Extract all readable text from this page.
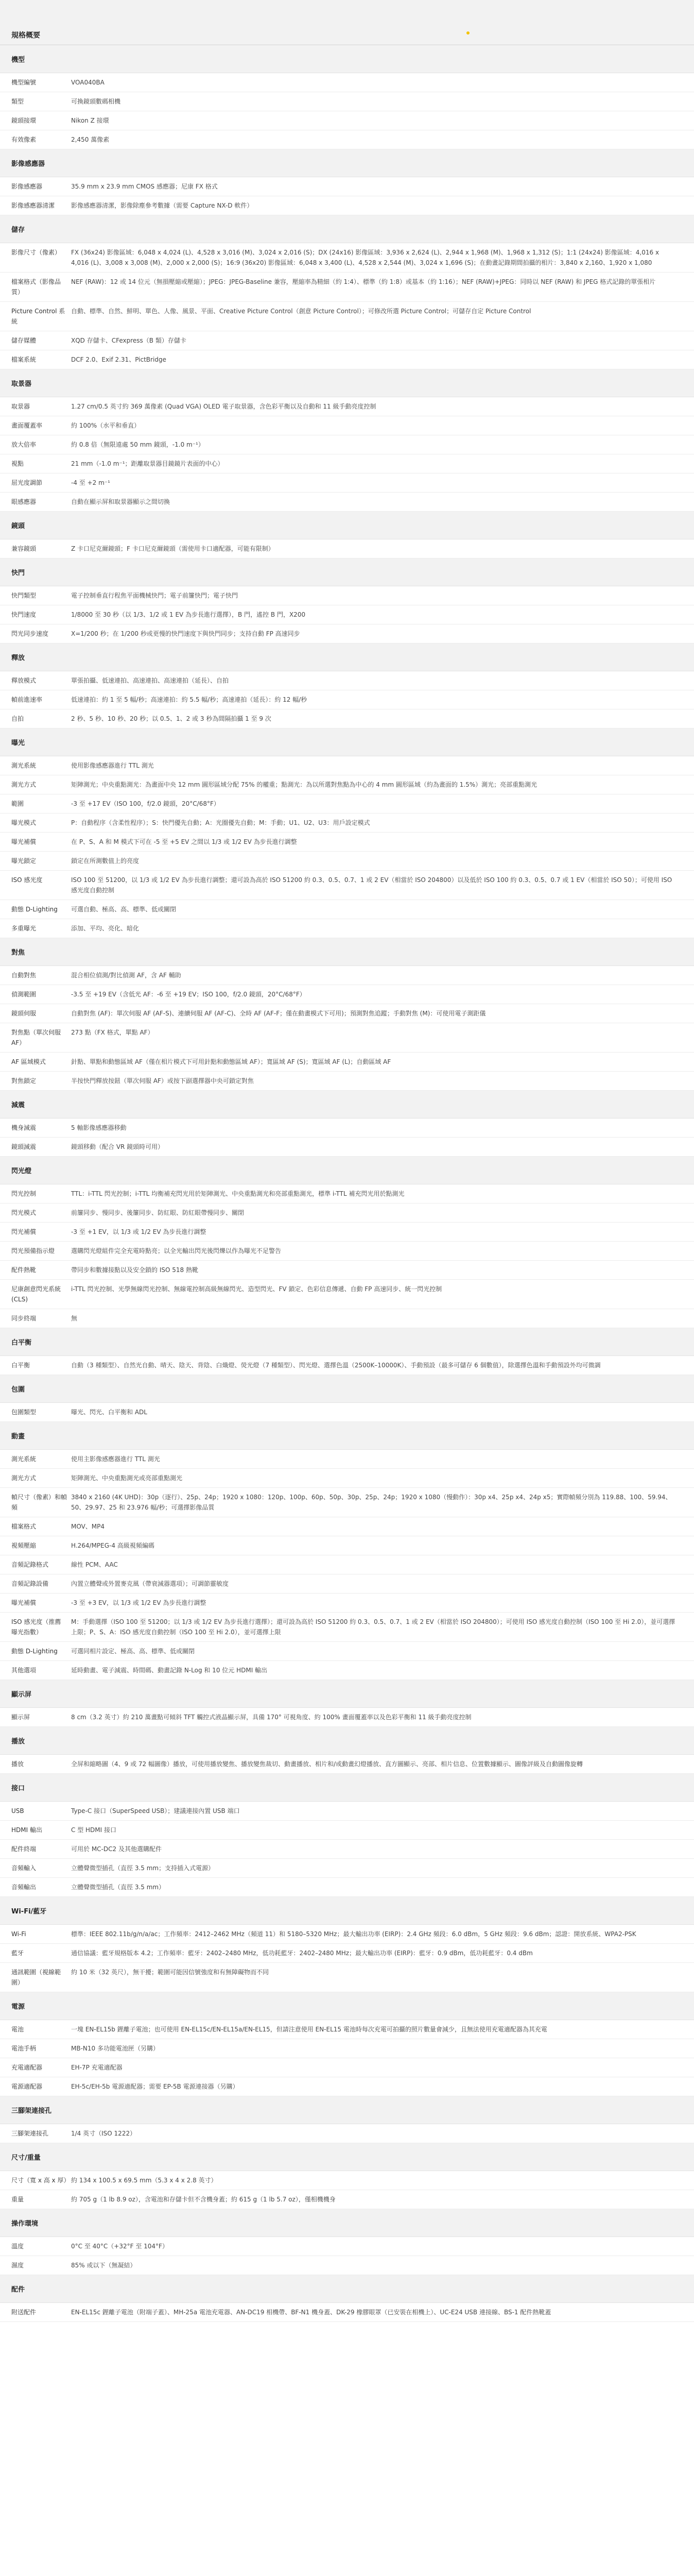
規格概要
機型	
機型編號	VOA040BA
類型	可換鏡頭數碼相機
鏡頭接環	Nikon Z 接環
有效像素	2,450 萬像素
影像感應器	
影像感應器	35.9 mm x 23.9 mm CMOS 感應器；尼康 FX 格式
影像感應器清潔	影像感應器清潔，影像除塵參考數據（需要 Capture NX-D 軟件）
儲存	
影像尺寸（像素）	FX (36x24) 影像區域：6,048 x 4,024 (L)、4,528 x 3,016 (M)、3,024 x 2,016 (S)；DX (24x16) 影像區域：3,936 x 2,624 (L)、2,944 x 1,968 (M)、1,968 x 1,312 (S)；1:1 (24x24) 影像區域：4,016 x 4,016 (L)、3,008 x 3,008 (M)、2,000 x 2,000 (S)；16:9 (36x20) 影像區域：6,048 x 3,400 (L)、4,528 x 2,544 (M)、3,024 x 1,696 (S)；在動畫記錄期間拍攝的相片：3,840 x 2,160、1,920 x 1,080
檔案格式（影像品質）	NEF (RAW)：12 或 14 位元（無損壓縮或壓縮）；JPEG：JPEG-Baseline 兼容，壓縮率為精細（約 1:4）、標準（約 1:8）或基本（約 1:16）；NEF (RAW)+JPEG：同時以 NEF (RAW) 和 JPEG 格式記錄的單張相片
Picture Control 系統	自動、標準、自然、鮮明、單色、人像、風景、平面、Creative Picture Control（創意 Picture Control）；可修改所選 Picture Control；可儲存自定 Picture Control
儲存媒體	XQD 存儲卡、CFexpress（B 類）存儲卡
檔案系統	DCF 2.0、Exif 2.31、PictBridge
取景器	
取景器	1.27 cm/0.5 英寸約 369 萬像素 (Quad VGA) OLED 電子取景器，含色彩平衡以及自動和 11 級手動亮度控制
畫面覆蓋率	約 100%（水平和垂直）
放大倍率	約 0.8 倍（無限遠處 50 mm 鏡頭，-1.0 m⁻¹）
視點	21 mm（-1.0 m⁻¹；距離取景器目鏡鏡片表面的中心）
屈光度調節	-4 至 +2 m⁻¹
眼感應器	自動在顯示屏和取景器顯示之間切換
鏡頭	
兼容鏡頭	Z 卡口尼克爾鏡頭；F 卡口尼克爾鏡頭（需使用卡口適配器，可能有限制）
快門	
快門類型	電子控制垂直行程焦平面機械快門；電子前簾快門；電子快門
快門速度	1/8000 至 30 秒（以 1/3、1/2 或 1 EV 為步長進行選擇），B 門，遙控 B 門，X200
閃光同步速度	X=1/200 秒；在 1/200 秒或更慢的快門速度下與快門同步；支持自動 FP 高速同步
釋放	
釋放模式	單張拍攝、低速連拍、高速連拍、高速連拍（延長）、自拍
幀前進速率	低速連拍：約 1 至 5 幅/秒；高速連拍：約 5.5 幅/秒；高速連拍（延長）：約 12 幅/秒
自拍	2 秒、5 秒、10 秒、20 秒；以 0.5、1、2 或 3 秒為間隔拍攝 1 至 9 次
曝光	
測光系統	使用影像感應器進行 TTL 測光
測光方式	矩陣測光；中央重點測光：為畫面中央 12 mm 圓形區域分配 75% 的權重；點測光：為以所選對焦點為中心的 4 mm 圓形區域（約為畫面的 1.5%）測光；亮部重點測光
範圍	-3 至 +17 EV（ISO 100，f/2.0 鏡頭，20°C/68°F）
曝光模式	P：自動程序（含柔性程序）；S：快門優先自動；A：光圈優先自動；M：手動；U1、U2、U3：用戶設定模式
曝光補償	在 P、S、A 和 M 模式下可在 -5 至 +5 EV 之間以 1/3 或 1/2 EV 為步長進行調整
曝光鎖定	鎖定在所測數值上的亮度
ISO 感光度	ISO 100 至 51200，以 1/3 或 1/2 EV 為步長進行調整；還可設為高於 ISO 51200 約 0.3、0.5、0.7、1 或 2 EV（相當於 ISO 204800）以及低於 ISO 100 約 0.3、0.5、0.7 或 1 EV（相當於 ISO 50）；可使用 ISO 感光度自動控制
動態 D-Lighting	可選自動、極高、高、標準、低或關閉
多重曝光	添加、平均、亮化、暗化
對焦	
自動對焦	混合相位偵測/對比偵測 AF，含 AF 輔助
偵測範圍	-3.5 至 +19 EV（含低光 AF：-6 至 +19 EV；ISO 100，f/2.0 鏡頭，20°C/68°F）
鏡頭伺服	自動對焦 (AF)：單次伺服 AF (AF-S)、連續伺服 AF (AF-C)、全時 AF (AF-F；僅在動畫模式下可用)；預測對焦追蹤；手動對焦 (M)：可使用電子測距儀
對焦點（單次伺服 AF）	273 點（FX 格式，單點 AF）
AF 區域模式	針點、單點和動態區域 AF（僅在相片模式下可用針點和動態區域 AF）；寬區域 AF (S)；寬區域 AF (L)；自動區域 AF
對焦鎖定	半按快門釋放按鈕（單次伺服 AF）或按下副選擇器中央可鎖定對焦
減震	
機身減震	5 軸影像感應器移動
鏡頭減震	鏡頭移動（配合 VR 鏡頭時可用）
閃光燈	
閃光控制	TTL：i-TTL 閃光控制；i-TTL 均衡補充閃光用於矩陣測光、中央重點測光和亮部重點測光，標準 i-TTL 補充閃光用於點測光
閃光模式	前簾同步、慢同步、後簾同步、防紅眼、防紅眼帶慢同步、關閉
閃光補償	-3 至 +1 EV，以 1/3 或 1/2 EV 為步長進行調整
閃光預備指示燈	選購閃光燈組件完全充電時點亮；以全光輸出閃光後閃爍以作為曝光不足警告
配件熱靴	帶同步和數據接點以及安全鎖的 ISO 518 熱靴
尼康創意閃光系統 (CLS)	i-TTL 閃光控制、光學無線閃光控制、無線電控制高級無線閃光、造型閃光、FV 鎖定、色彩信息傳遞、自動 FP 高速同步、統一閃光控制
同步終端	無
白平衡	
白平衡	自動（3 種類型）、自然光自動、晴天、陰天、背陰、白熾燈、熒光燈（7 種類型）、閃光燈、選擇色溫（2500K–10000K）、手動預設（最多可儲存 6 個數值），除選擇色溫和手動預設外均可微調
包圍	
包圍類型	曝光、閃光、白平衡和 ADL
動畫	
測光系統	使用主影像感應器進行 TTL 測光
測光方式	矩陣測光、中央重點測光或亮部重點測光
幀尺寸（像素）和幀頻	3840 x 2160 (4K UHD)：30p（逐行）、25p、24p；1920 x 1080：120p、100p、60p、50p、30p、25p、24p；1920 x 1080（慢動作）：30p x4、25p x4、24p x5；實際幀頻分別為 119.88、100、59.94、50、29.97、25 和 23.976 幅/秒；可選擇影像品質
檔案格式	MOV、MP4
視頻壓縮	H.264/MPEG-4 高級視頻編碼
音頻記錄格式	線性 PCM、AAC
音頻記錄設備	內置立體聲或外置麥克風（帶衰減器選項）；可調節靈敏度
曝光補償	-3 至 +3 EV，以 1/3 或 1/2 EV 為步長進行調整
ISO 感光度（推薦曝光指數）	M：手動選擇（ISO 100 至 51200；以 1/3 或 1/2 EV 為步長進行選擇）；還可設為高於 ISO 51200 約 0.3、0.5、0.7、1 或 2 EV（相當於 ISO 204800）；可使用 ISO 感光度自動控制（ISO 100 至 Hi 2.0），並可選擇上限；P、S、A：ISO 感光度自動控制（ISO 100 至 Hi 2.0），並可選擇上限
動態 D-Lighting	可選同相片設定、極高、高、標準、低或關閉
其他選項	延時動畫、電子減震、時間碼、動畫記錄 N-Log 和 10 位元 HDMI 輸出
顯示屏	
顯示屏	8 cm（3.2 英寸）約 210 萬畫點可傾斜 TFT 觸控式液晶顯示屏，具備 170° 可視角度、約 100% 畫面覆蓋率以及色彩平衡和 11 級手動亮度控制
播放	
播放	全屏和縮略圖（4、9 或 72 幅圖像）播放，可使用播放變焦、播放變焦裁切、動畫播放、相片和/或動畫幻燈播放、直方圖顯示、亮部、相片信息、位置數據顯示、圖像評級及自動圖像旋轉
接口	
USB	Type-C 接口（SuperSpeed USB）；建議連接內置 USB 端口
HDMI 輸出	C 型 HDMI 接口
配件終端	可用於 MC-DC2 及其他選購配件
音頻輸入	立體聲微型插孔（直徑 3.5 mm；支持插入式電源）
音頻輸出	立體聲微型插孔（直徑 3.5 mm）
Wi-Fi/藍牙	
Wi-Fi	標準：IEEE 802.11b/g/n/a/ac；工作頻率：2412–2462 MHz（頻道 11）和 5180–5320 MHz；最大輸出功率 (EIRP)：2.4 GHz 頻段：6.0 dBm，5 GHz 頻段：9.6 dBm；認證：開放系統、WPA2-PSK
藍牙	通信協議：藍牙規格版本 4.2；工作頻率：藍牙：2402–2480 MHz，低功耗藍牙：2402–2480 MHz；最大輸出功率 (EIRP)：藍牙：0.9 dBm，低功耗藍牙：0.4 dBm
通訊範圍（視線範圍）	約 10 米（32 英尺），無干擾；範圍可能因信號強度和有無障礙物而不同
電源	
電池	一塊 EN-EL15b 鋰離子電池；也可使用 EN-EL15c/EN-EL15a/EN-EL15，但請注意使用 EN-EL15 電池時每次充電可拍攝的照片數量會減少，且無法使用充電適配器為其充電
電池手柄	MB-N10 多功能電池匣（另購）
充電適配器	EH-7P 充電適配器
電源適配器	EH-5c/EH-5b 電源適配器；需要 EP-5B 電源連接器（另購）
三腳架連接孔	
三腳架連接孔	1/4 英寸（ISO 1222）
尺寸/重量	
尺寸（寬 x 高 x 厚）	約 134 x 100.5 x 69.5 mm（5.3 x 4 x 2.8 英寸）
重量	約 705 g（1 lb 8.9 oz），含電池和存儲卡但不含機身蓋；約 615 g（1 lb 5.7 oz），僅相機機身
操作環境	
溫度	0°C 至 40°C（+32°F 至 104°F）
濕度	85% 或以下（無凝結）
配件	
附送配件	EN-EL15c 鋰離子電池（附端子蓋）、MH-25a 電池充電器、AN-DC19 相機帶、BF-N1 機身蓋、DK-29 橡膠眼罩（已安裝在相機上）、UC-E24 USB 連接線、BS-1 配件熱靴蓋
